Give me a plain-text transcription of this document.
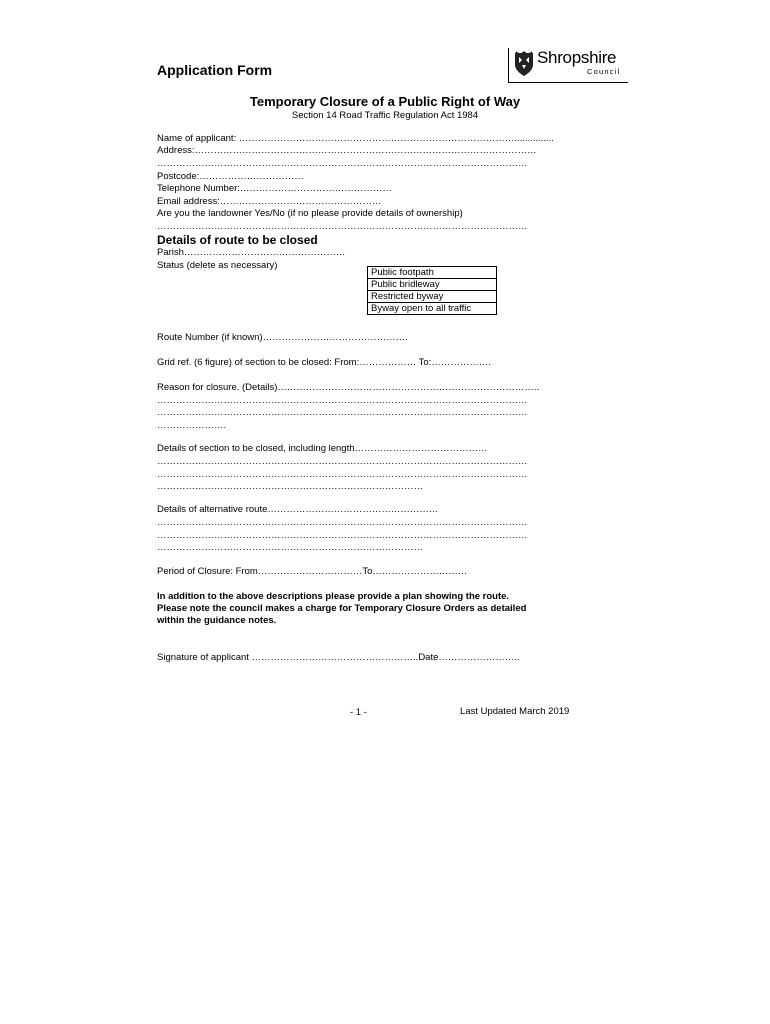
Application Form
Shropshire
Council
Temporary Closure of a Public Right of Way
Section 14 Road Traffic Regulation Act 1984
Name of applicant: ……………………………………………………………………………...............
Address:………………………………………………………………………………………………
………………………………………………………………………………………………………
Postcode:……………………………
Telephone Number:…………………………………………
Email address:……………………………………………
Are you the landowner Yes/No (if no please provide details of ownership)
………………………………………………………………………………………………………
Details of route to be closed
Parish……………………………………………
Status (delete as necessary)
Public footpath
Public bridleway
Restricted byway
Byway open to all traffic
Route Number (if known)……………………………………….
Grid ref. (6 figure) of section to be closed: From:……………… To:……………….
Reason for closure. (Details)………………………………………………………………………..
………………………………………………………………………………………………………
………………………………………………………………………………………………………
………………….
Details of section to be closed, including length……………………………………
………………………………………………………………………………………………………
………………………………………………………………………………………………………
…………………………………………………………………………
Details of alternative route………………………………………………
………………………………………………………………………………………………………
………………………………………………………………………………………………………
…………………………………………………………………………
Period of Closure: From……………………………To…………………………
In addition to the above descriptions please provide a plan showing the route.
Please note the council makes a charge for Temporary Closure Orders as detailed
within the guidance notes.
Signature of applicant ……………………………………………..Date……………………..
- 1 -	Last Updated March 2019
